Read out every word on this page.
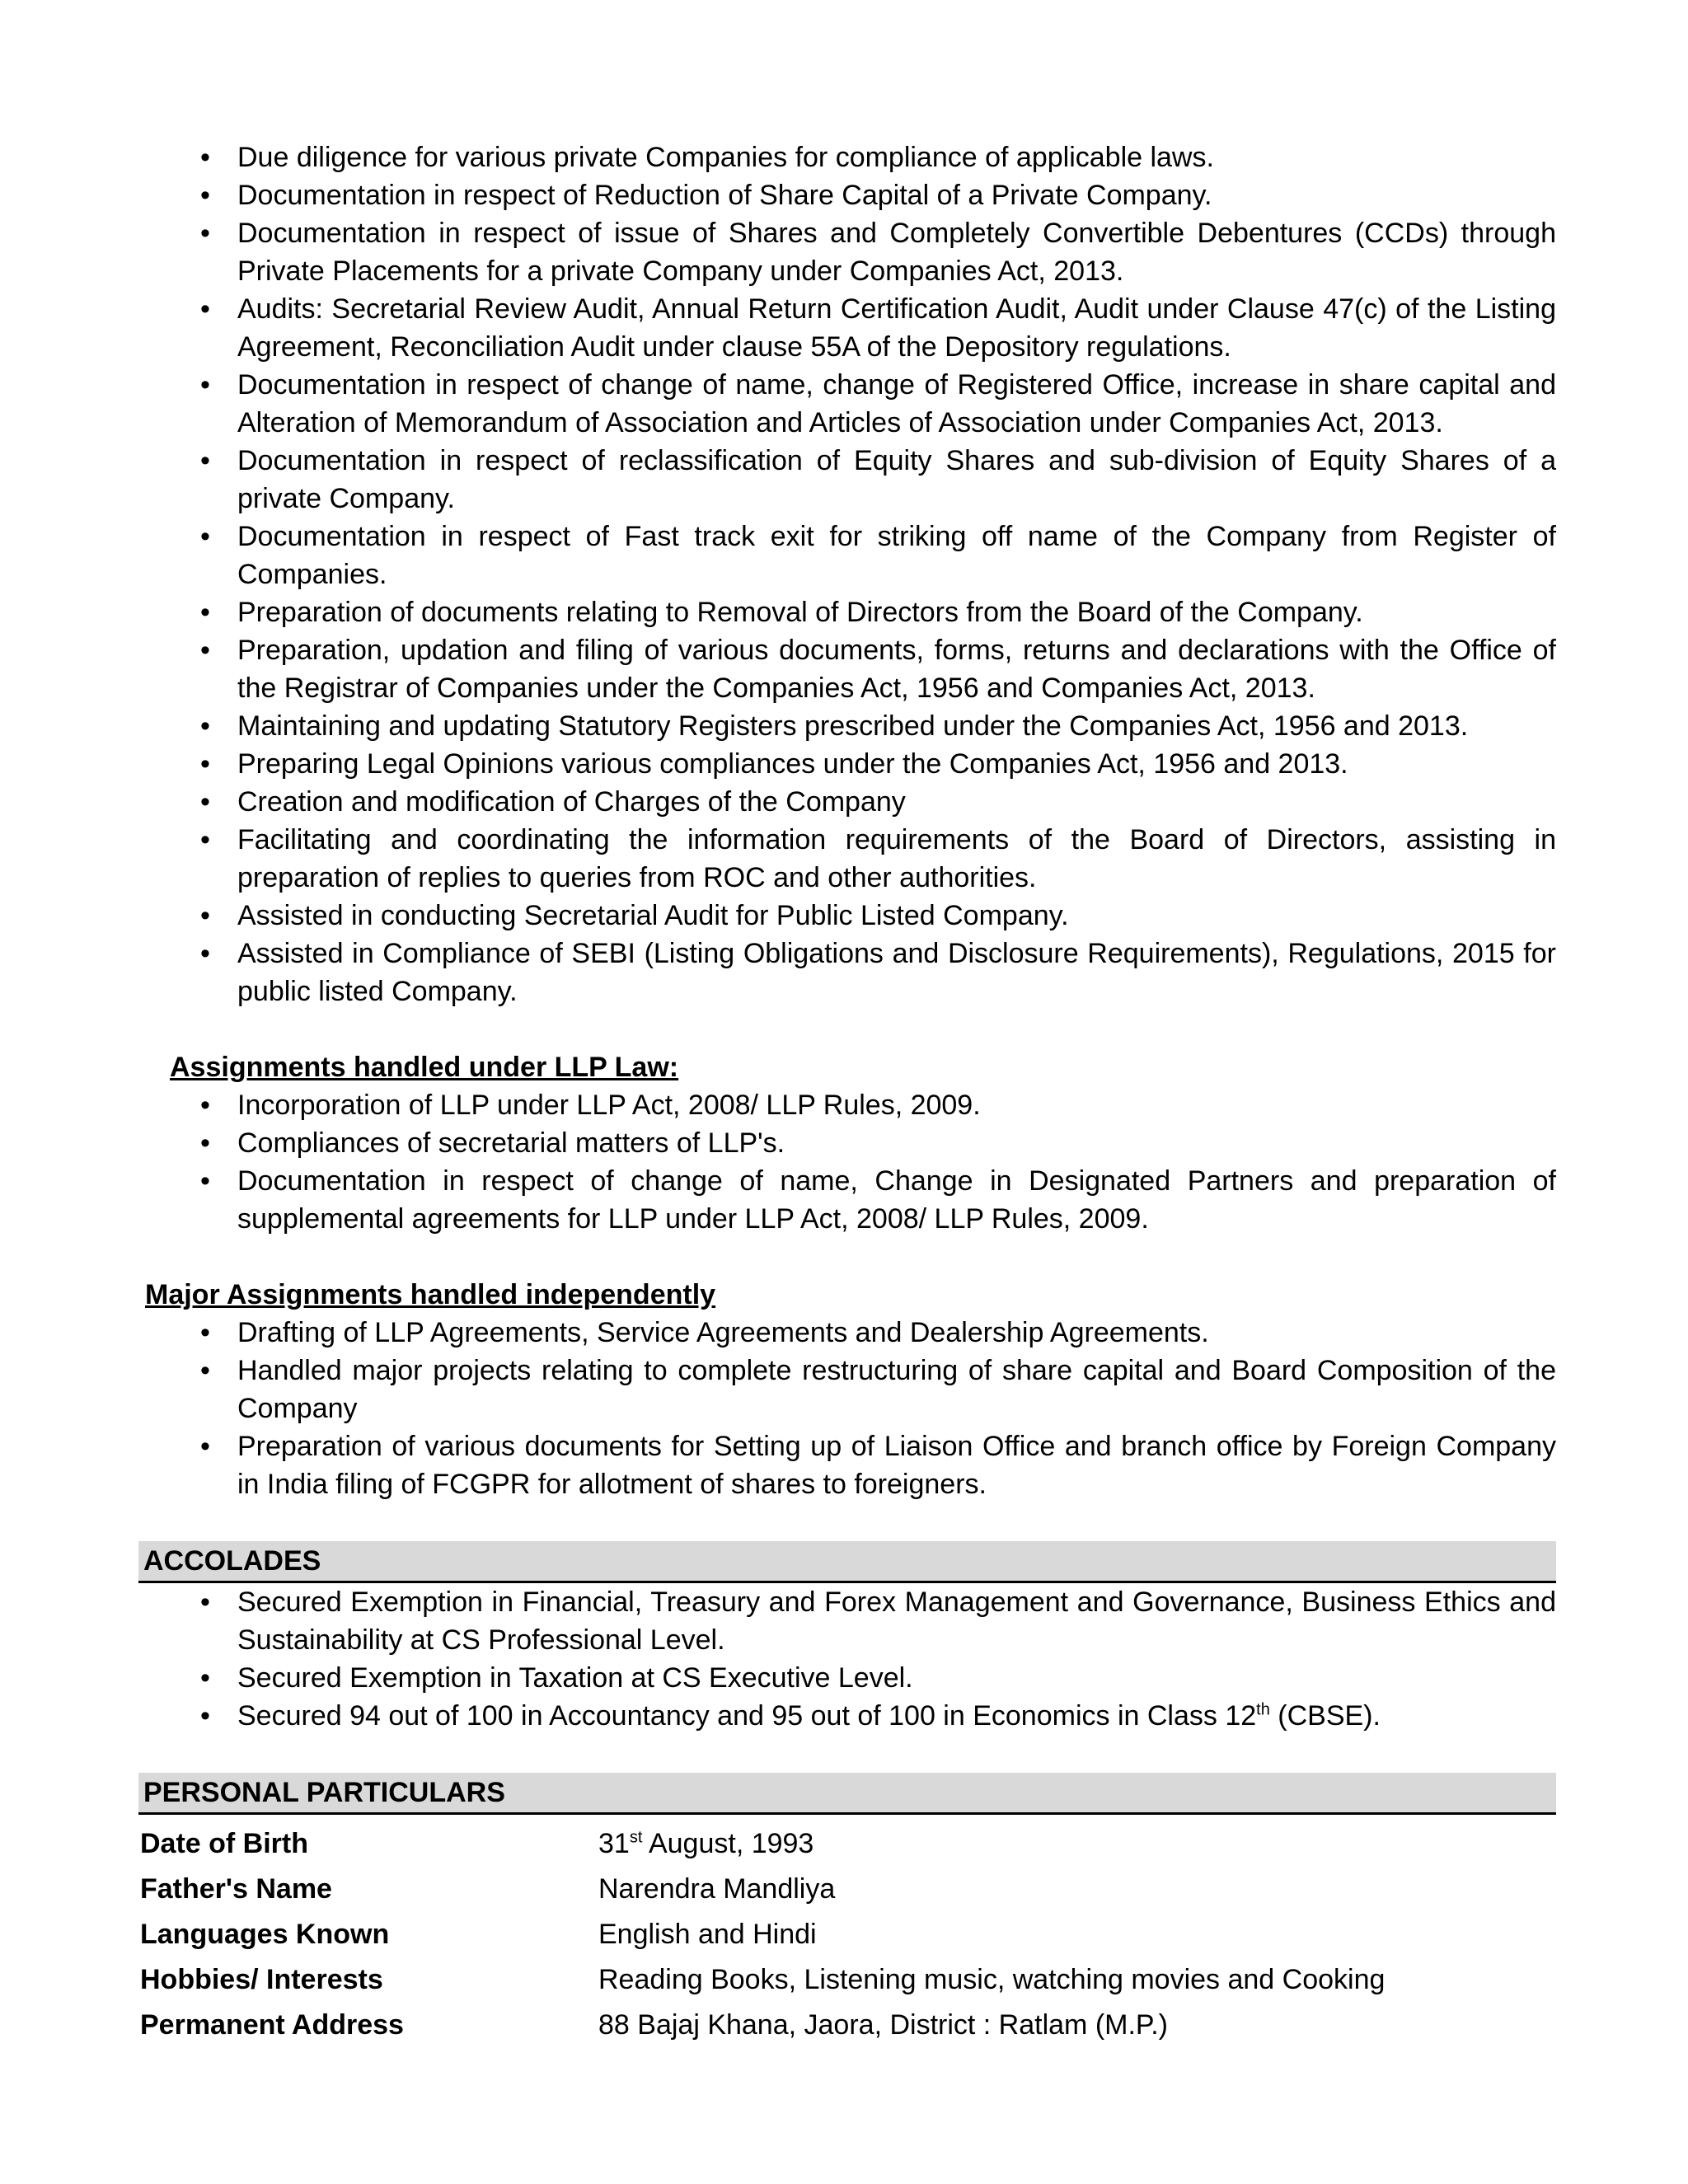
• Due diligence for various private Companies for compliance of applicable laws.
• Documentation in respect of Reduction of Share Capital of a Private Company.
• Documentation in respect of issue of Shares and Completely Convertible Debentures (CCDs) through Private Placements for a private Company under Companies Act, 2013.
• Audits: Secretarial Review Audit, Annual Return Certification Audit, Audit under Clause 47(c) of the Listing Agreement, Reconciliation Audit under clause 55A of the Depository regulations.
• Documentation in respect of change of name, change of Registered Office, increase in share capital and Alteration of Memorandum of Association and Articles of Association under Companies Act, 2013.
• Documentation in respect of reclassification of Equity Shares and sub-division of Equity Shares of a private Company.
• Documentation in respect of Fast track exit for striking off name of the Company from Register of Companies.
• Preparation of documents relating to Removal of Directors from the Board of the Company.
• Preparation, updation and filing of various documents, forms, returns and declarations with the Office of the Registrar of Companies under the Companies Act, 1956 and Companies Act, 2013.
• Maintaining and updating Statutory Registers prescribed under the Companies Act, 1956 and 2013.
• Preparing Legal Opinions various compliances under the Companies Act, 1956 and 2013.
• Creation and modification of Charges of the Company
• Facilitating and coordinating the information requirements of the Board of Directors, assisting in preparation of replies to queries from ROC and other authorities.
• Assisted in conducting Secretarial Audit for Public Listed Company.
• Assisted in Compliance of SEBI (Listing Obligations and Disclosure Requirements), Regulations, 2015 for public listed Company.
Assignments handled under LLP Law:
• Incorporation of LLP under LLP Act, 2008/ LLP Rules, 2009.
• Compliances of secretarial matters of LLP's.
• Documentation in respect of change of name, Change in Designated Partners and preparation of supplemental agreements for LLP under LLP Act, 2008/ LLP Rules, 2009.
Major Assignments handled independently
• Drafting of LLP Agreements, Service Agreements and Dealership Agreements.
• Handled major projects relating to complete restructuring of share capital and Board Composition of the Company
• Preparation of various documents for Setting up of Liaison Office and branch office by Foreign Company in India filing of FCGPR for allotment of shares to foreigners.
ACCOLADES
• Secured Exemption in Financial, Treasury and Forex Management and Governance, Business Ethics and Sustainability at CS Professional Level.
• Secured Exemption in Taxation at CS Executive Level.
• Secured 94 out of 100 in Accountancy and 95 out of 100 in Economics in Class 12th (CBSE).
PERSONAL PARTICULARS
Date of Birth	31st August, 1993
Father's Name	Narendra Mandliya
Languages Known	English and Hindi
Hobbies/ Interests	Reading Books, Listening music, watching movies and Cooking
Permanent Address	88 Bajaj Khana, Jaora, District : Ratlam (M.P.)
